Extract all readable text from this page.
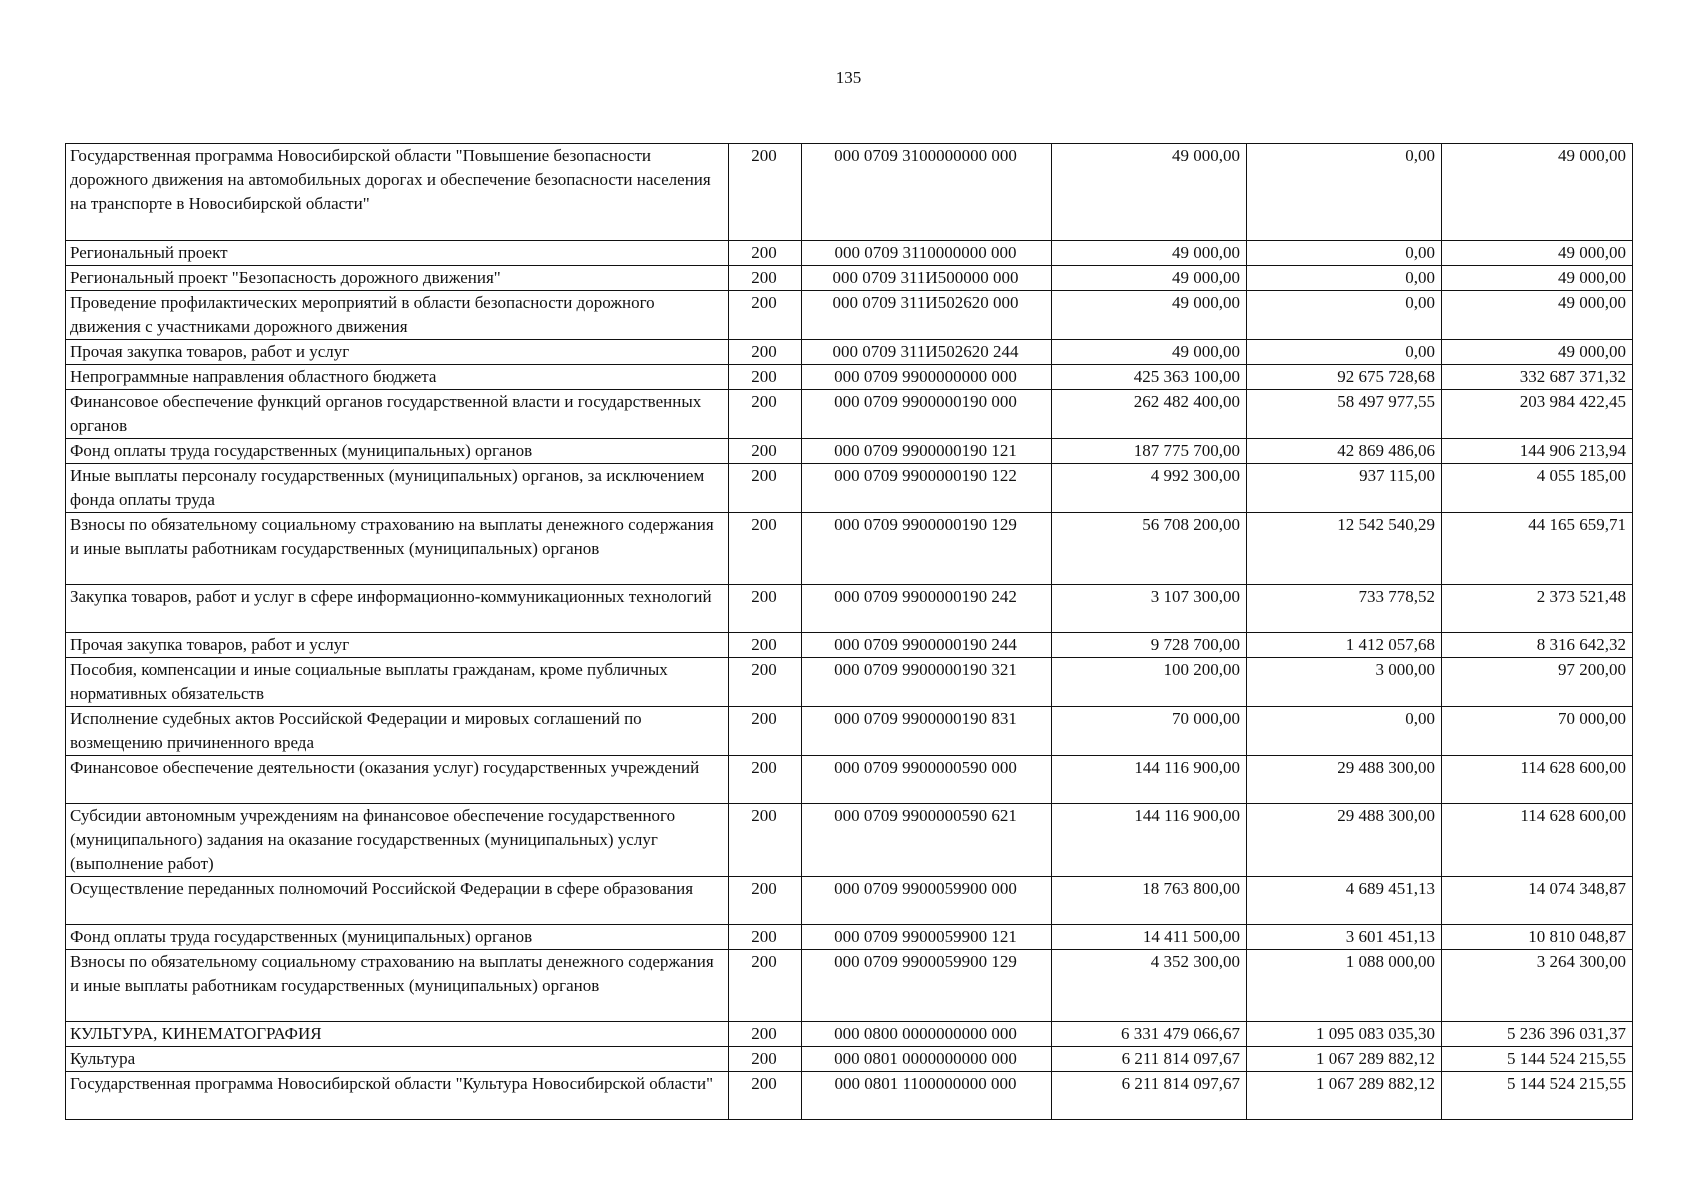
135
Государственная программа Новосибирской области "Повышение безопасности дорожного движения на автомобильных дорогах и обеспечение безопасности населения на транспорте в Новосибирской области"	200	000 0709 3100000000 000	49 000,00	0,00	49 000,00
Региональный проект	200	000 0709 3110000000 000	49 000,00	0,00	49 000,00
Региональный проект "Безопасность дорожного движения"	200	000 0709 311И500000 000	49 000,00	0,00	49 000,00
Проведение профилактических мероприятий в области безопасности дорожного движения с участниками дорожного движения	200	000 0709 311И502620 000	49 000,00	0,00	49 000,00
Прочая закупка товаров, работ и услуг	200	000 0709 311И502620 244	49 000,00	0,00	49 000,00
Непрограммные направления областного бюджета	200	000 0709 9900000000 000	425 363 100,00	92 675 728,68	332 687 371,32
Финансовое обеспечение функций органов государственной власти и государственных органов	200	000 0709 9900000190 000	262 482 400,00	58 497 977,55	203 984 422,45
Фонд оплаты труда государственных (муниципальных) органов	200	000 0709 9900000190 121	187 775 700,00	42 869 486,06	144 906 213,94
Иные выплаты персоналу государственных (муниципальных) органов, за исключением фонда оплаты труда	200	000 0709 9900000190 122	4 992 300,00	937 115,00	4 055 185,00
Взносы по обязательному социальному страхованию на выплаты денежного содержания и иные выплаты работникам государственных (муниципальных) органов	200	000 0709 9900000190 129	56 708 200,00	12 542 540,29	44 165 659,71
Закупка товаров, работ и услуг в сфере информационно-коммуникационных технологий	200	000 0709 9900000190 242	3 107 300,00	733 778,52	2 373 521,48
Прочая закупка товаров, работ и услуг	200	000 0709 9900000190 244	9 728 700,00	1 412 057,68	8 316 642,32
Пособия, компенсации и иные социальные выплаты гражданам, кроме публичных нормативных обязательств	200	000 0709 9900000190 321	100 200,00	3 000,00	97 200,00
Исполнение судебных актов Российской Федерации и мировых соглашений по возмещению причиненного вреда	200	000 0709 9900000190 831	70 000,00	0,00	70 000,00
Финансовое обеспечение деятельности (оказания услуг) государственных учреждений	200	000 0709 9900000590 000	144 116 900,00	29 488 300,00	114 628 600,00
Субсидии автономным учреждениям на финансовое обеспечение государственного (муниципального) задания на оказание государственных (муниципальных) услуг (выполнение работ)	200	000 0709 9900000590 621	144 116 900,00	29 488 300,00	114 628 600,00
Осуществление переданных полномочий Российской Федерации в сфере образования	200	000 0709 9900059900 000	18 763 800,00	4 689 451,13	14 074 348,87
Фонд оплаты труда государственных (муниципальных) органов	200	000 0709 9900059900 121	14 411 500,00	3 601 451,13	10 810 048,87
Взносы по обязательному социальному страхованию на выплаты денежного содержания и иные выплаты работникам государственных (муниципальных) органов	200	000 0709 9900059900 129	4 352 300,00	1 088 000,00	3 264 300,00
КУЛЬТУРА, КИНЕМАТОГРАФИЯ	200	000 0800 0000000000 000	6 331 479 066,67	1 095 083 035,30	5 236 396 031,37
Культура	200	000 0801 0000000000 000	6 211 814 097,67	1 067 289 882,12	5 144 524 215,55
Государственная программа Новосибирской области "Культура Новосибирской области"	200	000 0801 1100000000 000	6 211 814 097,67	1 067 289 882,12	5 144 524 215,55
